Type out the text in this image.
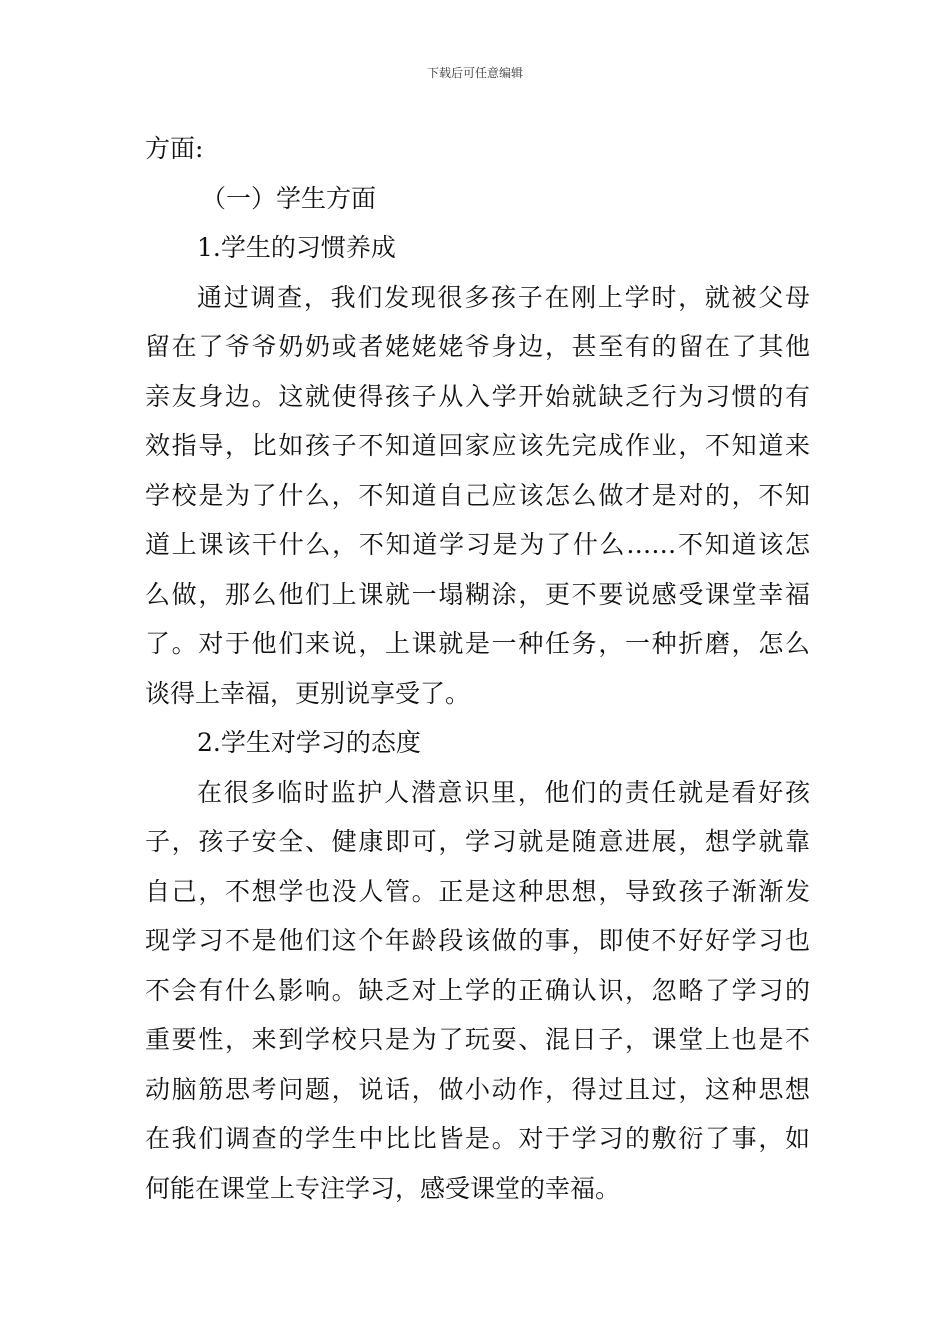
下载后可任意编辑
方面:
（一）学生方面
1.学生的习惯养成
通过调查，我们发现很多孩子在刚上学时，就被父母
留在了爷爷奶奶或者姥姥姥爷身边，甚至有的留在了其他
亲友身边。这就使得孩子从入学开始就缺乏行为习惯的有
效指导，比如孩子不知道回家应该先完成作业，不知道来
学校是为了什么，不知道自己应该怎么做才是对的，不知
道上课该干什么，不知道学习是为了什么……不知道该怎
么做，那么他们上课就一塌糊涂，更不要说感受课堂幸福
了。对于他们来说，上课就是一种任务，一种折磨，怎么
谈得上幸福，更别说享受了。
2.学生对学习的态度
在很多临时监护人潜意识里，他们的责任就是看好孩
子，孩子安全、健康即可，学习就是随意进展，想学就靠
自己，不想学也没人管。正是这种思想，导致孩子渐渐发
现学习不是他们这个年龄段该做的事，即使不好好学习也
不会有什么影响。缺乏对上学的正确认识，忽略了学习的
重要性，来到学校只是为了玩耍、混日子，课堂上也是不
动脑筋思考问题，说话，做小动作，得过且过，这种思想
在我们调查的学生中比比皆是。对于学习的敷衍了事，如
何能在课堂上专注学习，感受课堂的幸福。
